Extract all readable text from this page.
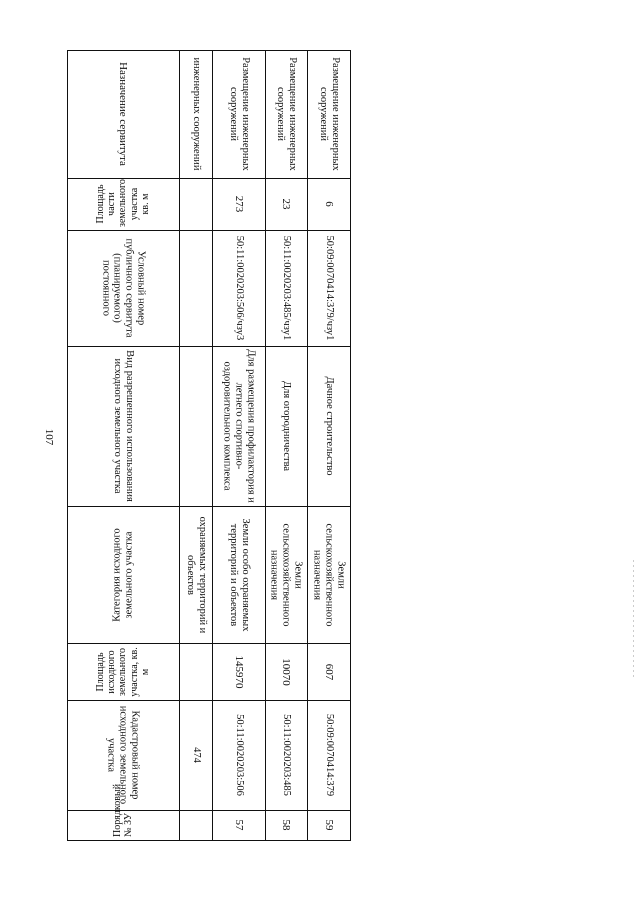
107
Назначение сервитута
Площадь части земельного участка кв. м
Условный номер публичного сервитута (планируемого) постоянного
Вид разрешенного использования исходного земельного участка
Категория исходного земельного участка
Площадь исходного земельного участка, кв. м
Кадастровый номер исходного земельного участка
Порядковый № ЗУ
инженерных сооружений
охраняемых территорий и объектов
474
Размещение инженерных сооружений
273
50:11:0020203:506/чзу3
Для размещения профилактория и летнего спортивно-оздоровительного комплекса
Земли особо охраняемых территорий и объектов
145970
50:11:0020203:506
57
Размещение инженерных сооружений
23
50:11:0020203:485/чзу1
Для огородничества
Земли сельскохозяйственного назначения
10070
50:11:0020203:485
58
Размещение инженерных сооружений
6
50:09:0070414:379/чзу1
Дачное строительство
Земли сельскохозяйственного назначения
607
50:09:0070414:379
59
